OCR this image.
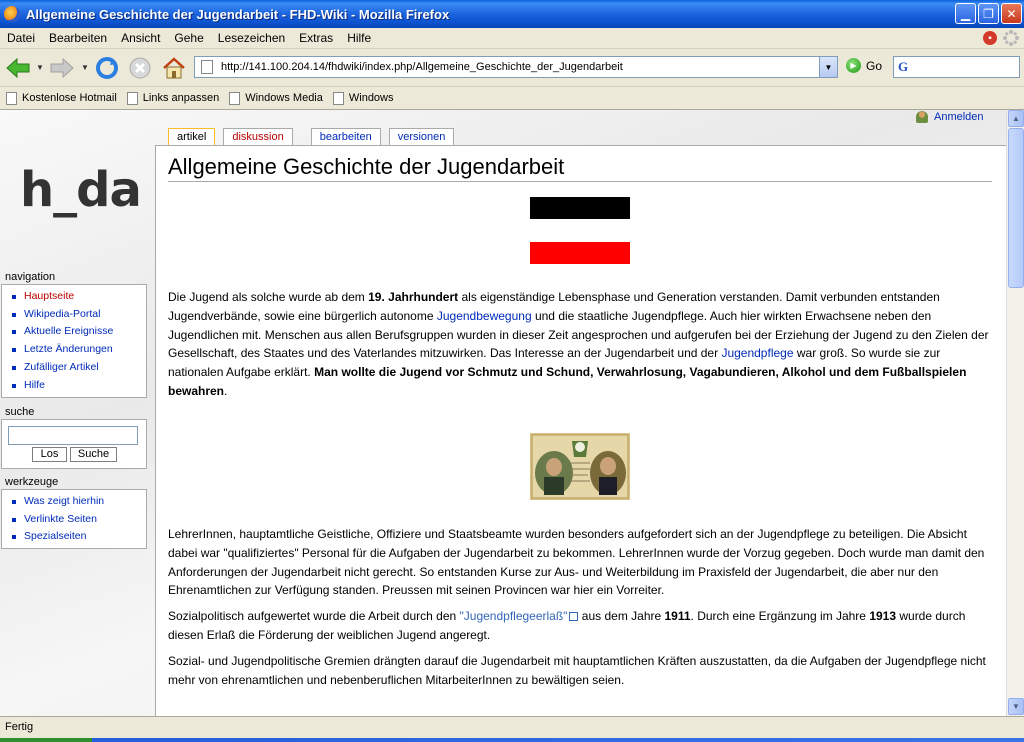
Allgemeine Geschichte der Jugendarbeit - FHD-Wiki - Mozilla Firefox	▁	❐	✕
Datei	Bearbeiten	Ansicht	Gehe	Lesezeichen	Extras	Hilfe	▪
▼	▼
http://141.100.204.14/fhdwiki/index.php/Allgemeine_Geschichte_der_Jugendarbeit	▼	▶ Go G
Kostenlose Hotmail Links anpassen Windows Media Windows
Anmelden
h_da
navigation
Hauptseite
Wikipedia-Portal
Aktuelle Ereignisse
Letzte Änderungen
Zufälliger Artikel
Hilfe
suche
Los	Suche
werkzeuge
Was zeigt hierhin
Verlinkte Seiten
Spezialseiten
artikel	diskussion	bearbeiten	versionen
Allgemeine Geschichte der Jugendarbeit

Die Jugend als solche wurde ab dem 19. Jahrhundert als eigenständige Lebensphase und Generation verstanden. Damit verbunden entstanden Jugendverbände, sowie eine bürgerlich autonome Jugendbewegung und die staatliche Jugendpflege. Auch hier wirkten Erwachsene neben den Jugendlichen mit. Menschen aus allen Berufsgruppen wurden in dieser Zeit angesprochen und aufgerufen bei der Erziehung der Jugend zu den Zielen der Gesellschaft, des Staates und des Vaterlandes mitzuwirken. Das Interesse an der Jugendarbeit und der Jugendpflege war groß. So wurde sie zur nationalen Aufgabe erklärt. Man wollte die Jugend vor Schmutz und Schund, Verwahrlosung, Vagabundieren, Alkohol und dem Fußballspielen bewahren.

LehrerInnen, hauptamtliche Geistliche, Offiziere und Staatsbeamte wurden besonders aufgefordert sich an der Jugendpflege zu beteiligen. Die Absicht dabei war "qualifiziertes" Personal für die Aufgaben der Jugendarbeit zu bekommen. LehrerInnen wurde der Vorzug gegeben. Doch wurde man damit den Anforderungen der Jugendarbeit nicht gerecht. So entstanden Kurse zur Aus- und Weiterbildung im Praxisfeld der Jugendarbeit, die aber nur den Ehrenamtlichen zur Verfügung standen. Preussen mit seinen Provincen war hier ein Vorreiter.

Sozialpolitisch aufgewertet wurde die Arbeit durch den "Jugendpflegeerlaß" aus dem Jahre 1911. Durch eine Ergänzung im Jahre 1913 wurde durch diesen Erlaß die Förderung der weiblichen Jugend angeregt.

Sozial- und Jugendpolitische Gremien drängten darauf die Jugendarbeit mit hauptamtlichen Kräften auszustatten, da die Aufgaben der Jugendpflege nicht mehr von ehrenamtlichen und nebenberuflichen MitarbeiterInnen zu bewältigen seien.

▲
▼
Fertig
